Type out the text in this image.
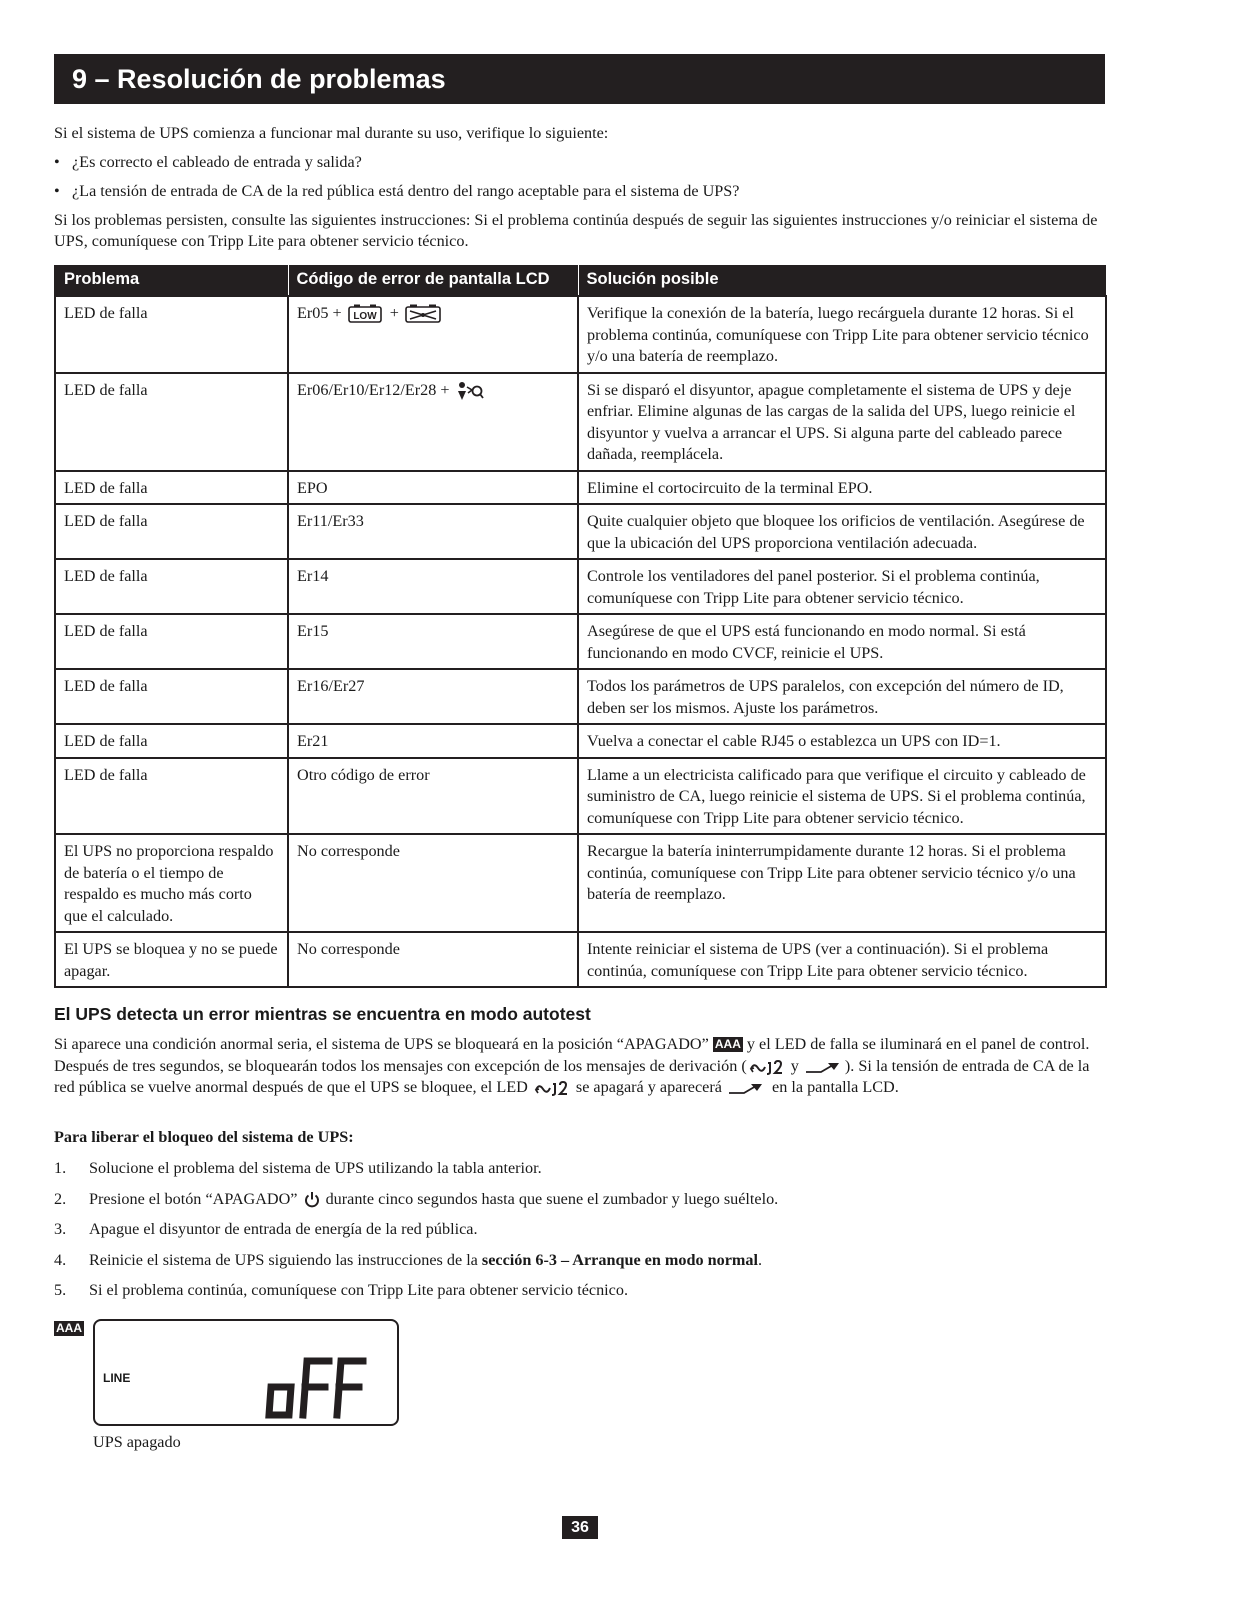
9 – Resolución de problemas

Si el sistema de UPS comienza a funcionar mal durante su uso, verifique lo siguiente:

• ¿Es correcto el cableado de entrada y salida?
• ¿La tensión de entrada de CA de la red pública está dentro del rango aceptable para el sistema de UPS?

Si los problemas persisten, consulte las siguientes instrucciones: Si el problema continúa después de seguir las siguientes instrucciones y/o reiniciar el sistema de UPS, comuníquese con Tripp Lite para obtener servicio técnico.

Problema	Código de error de pantalla LCD	Solución posible
LED de falla	Er05 + LOW +	Verifique la conexión de la batería, luego recárguela durante 12 horas. Si el problema continúa, comuníquese con Tripp Lite para obtener servicio técnico y/o una batería de reemplazo.
LED de falla	Er06/Er10/Er12/Er28 +	Si se disparó el disyuntor, apague completamente el sistema de UPS y deje enfriar. Elimine algunas de las cargas de la salida del UPS, luego reinicie el disyuntor y vuelva a arrancar el UPS. Si alguna parte del cableado parece dañada, reemplácela.
LED de falla	EPO	Elimine el cortocircuito de la terminal EPO.
LED de falla	Er11/Er33	Quite cualquier objeto que bloquee los orificios de ventilación. Asegúrese de que la ubicación del UPS proporciona ventilación adecuada.
LED de falla	Er14	Controle los ventiladores del panel posterior. Si el problema continúa, comuníquese con Tripp Lite para obtener servicio técnico.
LED de falla	Er15	Asegúrese de que el UPS está funcionando en modo normal. Si está funcionando en modo CVCF, reinicie el UPS.
LED de falla	Er16/Er27	Todos los parámetros de UPS paralelos, con excepción del número de ID, deben ser los mismos. Ajuste los parámetros.
LED de falla	Er21	Vuelva a conectar el cable RJ45 o establezca un UPS con ID=1.
LED de falla	Otro código de error	Llame a un electricista calificado para que verifique el circuito y cableado de suministro de CA, luego reinicie el sistema de UPS. Si el problema continúa, comuníquese con Tripp Lite para obtener servicio técnico.
El UPS no proporciona respaldo de batería o el tiempo de respaldo es mucho más corto que el calculado.	No corresponde	Recargue la batería ininterrumpidamente durante 12 horas. Si el problema continúa, comuníquese con Tripp Lite para obtener servicio técnico y/o una batería de reemplazo.
El UPS se bloquea y no se puede apagar.	No corresponde	Intente reiniciar el sistema de UPS (ver a continuación). Si el problema continúa, comuníquese con Tripp Lite para obtener servicio técnico.
El UPS detecta un error mientras se encuentra en modo autotest

Si aparece una condición anormal seria, el sistema de UPS se bloqueará en la posición “APAGADO” AAA y el LED de falla se iluminará en el panel de control. Después de tres segundos, se bloquearán todos los mensajes con excepción de los mensajes de derivación (	y	). Si la tensión de entrada de CA de la red pública se vuelve anormal después de que el UPS se bloquee, el LED	se apagará y aparecerá	en la pantalla LCD.

Para liberar el bloqueo del sistema de UPS:

1.	Solucione el problema del sistema de UPS utilizando la tabla anterior.
2.	Presione el botón “APAGADO” durante cinco segundos hasta que suene el zumbador y luego suéltelo.
3.	Apague el disyuntor de entrada de energía de la red pública.
4.	Reinicie el sistema de UPS siguiendo las instrucciones de la sección 6-3 – Arranque en modo normal.
5.	Si el problema continúa, comuníquese con Tripp Lite para obtener servicio técnico.
AAA
LINE
UPS apagado
36
